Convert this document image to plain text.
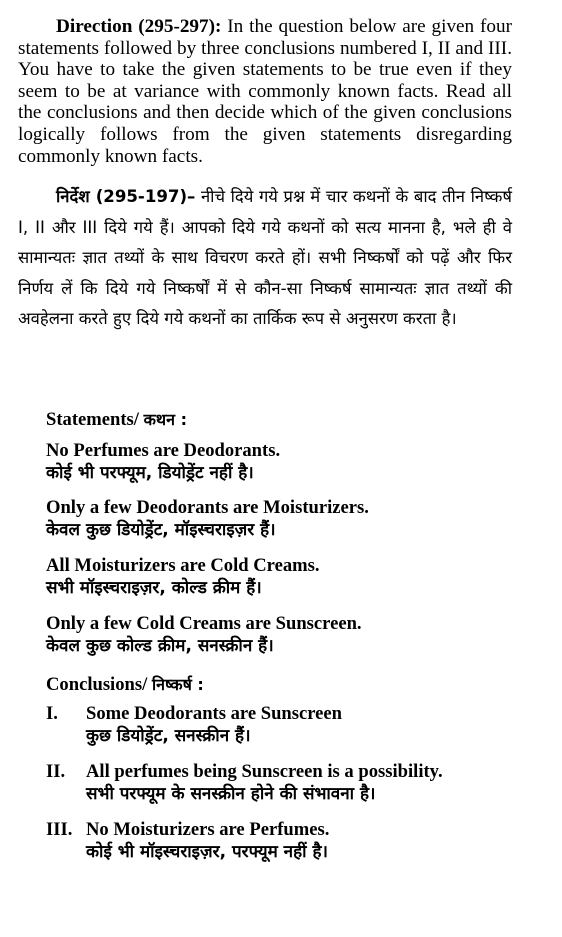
Direction (295-297): In the question below are given four statements followed by three conclusions numbered I, II and III. You have to take the given statements to be true even if they seem to be at variance with commonly known facts. Read all the conclusions and then decide which of the given conclusions logically follows from the given statements disregarding commonly known facts.
निर्देश (295-197)– नीचे दिये गये प्रश्न में चार कथनों के बाद तीन निष्कर्ष I, II और III दिये गये हैं। आपको दिये गये कथनों को सत्य मानना है, भले ही वे सामान्यतः ज्ञात तथ्यों के साथ विचरण करते हों। सभी निष्कर्षों को पढ़ें और फिर निर्णय लें कि दिये गये निष्कर्षों में से कौन-सा निष्कर्ष सामान्यतः ज्ञात तथ्यों की अवहेलना करते हुए दिये गये कथनों का तार्किक रूप से अनुसरण करता है।
Statements/ कथन :
No Perfumes are Deodorants.
कोई भी परफ्यूम, डियोड्रेंट नहीं है।
Only a few Deodorants are Moisturizers.
केवल कुछ डियोड्रेंट, मॉइस्चराइज़र हैं।
All Moisturizers are Cold Creams.
सभी मॉइस्चराइज़र, कोल्ड क्रीम हैं।
Only a few Cold Creams are Sunscreen.
केवल कुछ कोल्ड क्रीम, सनस्क्रीन हैं।
Conclusions/ निष्कर्ष :
I. Some Deodorants are Sunscreen
कुछ डियोड्रेंट, सनस्क्रीन हैं।
II. All perfumes being Sunscreen is a possibility.
सभी परफ्यूम के सनस्क्रीन होने की संभावना है।
III. No Moisturizers are Perfumes.
कोई भी मॉइस्चराइज़र, परफ्यूम नहीं है।
